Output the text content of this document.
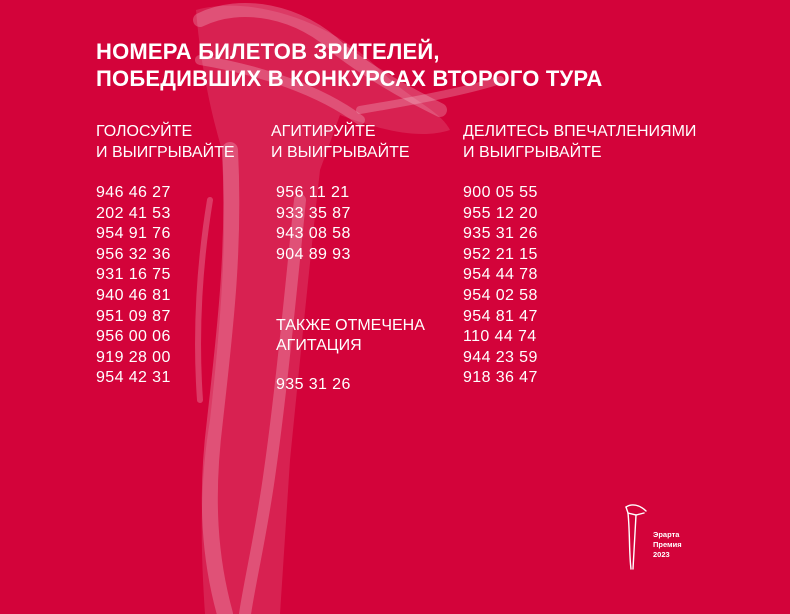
НОМЕРА БИЛЕТОВ ЗРИТЕЛЕЙ,
ПОБЕДИВШИХ В КОНКУРСАХ ВТОРОГО ТУРА
ГОЛОСУЙТЕ
И ВЫИГРЫВАЙТЕ
946 46 27
202 41 53
954 91 76
956 32 36
931 16 75
940 46 81
951 09 87
956 00 06
919 28 00
954 42 31
АГИТИРУЙТЕ
И ВЫИГРЫВАЙТЕ
956 11 21
933 35 87
943 08 58
904 89 93
ТАКЖЕ ОТМЕЧЕНА
АГИТАЦИЯ
935 31 26
ДЕЛИТЕСЬ ВПЕЧАТЛЕНИЯМИ
И ВЫИГРЫВАЙТЕ
900 05 55
955 12 20
935 31 26
952 21 15
954 44 78
954 02 58
954 81 47
110 44 74
944 23 59
918 36 47
Эрарта
Премия
2023
